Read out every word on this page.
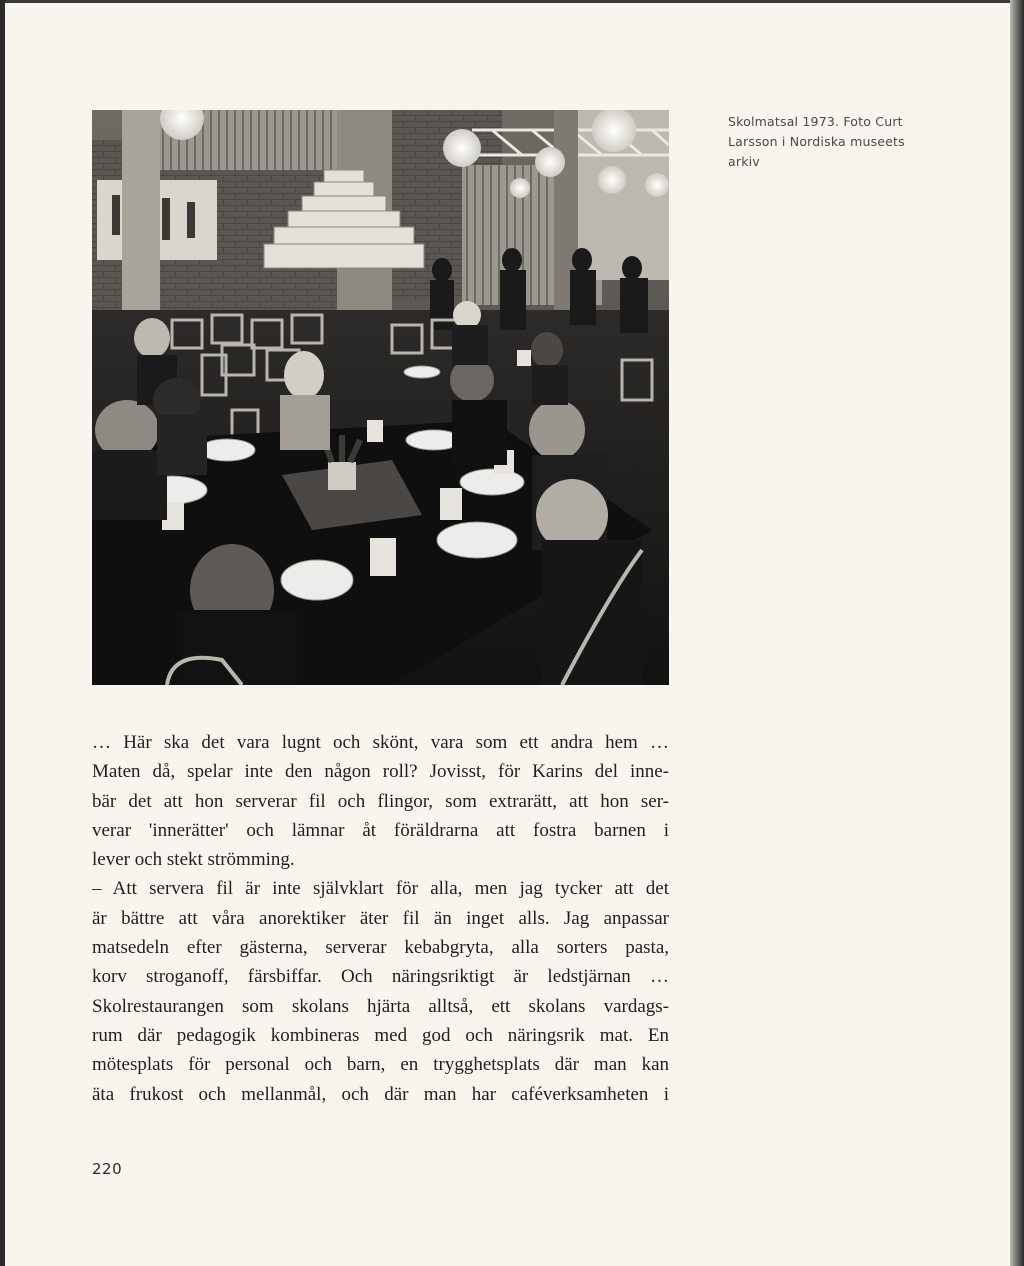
Skolmatsal 1973. Foto Curt
Larsson i Nordiska museets
arkiv
… Här ska det vara lugnt och skönt, vara som ett andra hem …
Maten då, spelar inte den någon roll? Jovisst, för Karins del inne-
bär det att hon serverar fil och flingor, som extrarätt, att hon ser-
verar 'innerätter' och lämnar åt föräldrarna att fostra barnen i
lever och stekt strömming.
– Att servera fil är inte självklart för alla, men jag tycker att det
är bättre att våra anorektiker äter fil än inget alls. Jag anpassar
matsedeln efter gästerna, serverar kebabgryta, alla sorters pasta,
korv stroganoff, färsbiffar. Och näringsriktigt är ledstjärnan …
Skolrestaurangen som skolans hjärta alltså, ett skolans vardags-
rum där pedagogik kombineras med god och näringsrik mat. En
mötesplats för personal och barn, en trygghetsplats där man kan
äta frukost och mellanmål, och där man har caféverksamheten i
220
